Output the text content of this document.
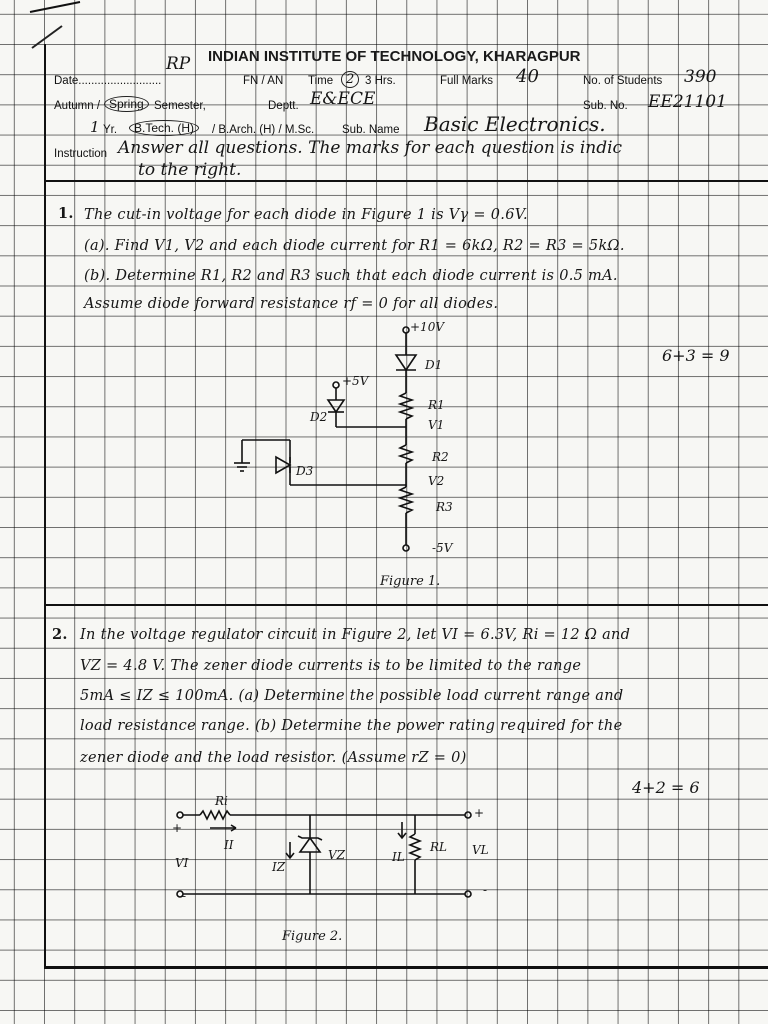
INDIAN INSTITUTE OF TECHNOLOGY, KHARAGPUR
RP
Date..........................	FN / AN Time 2 3 Hrs.	Full Marks 40	No. of Students 390
Autumn / Spring Semester,	Deptt. E&ECE	Sub. No. EE21101
1 Yr.	B.Tech. (H)	/ B.Arch. (H) / M.Sc. Sub. Name Basic Electronics.
Instruction Answer all questions. The marks for each question is indic
to the right.
1. The cut-in voltage for each diode in Figure 1 is Vγ = 0.6V.
(a). Find V1, V2 and each diode current for R1 = 6kΩ, R2 = R3 = 5kΩ.
(b). Determine R1, R2 and R3 such that each diode current is 0.5 mA.
Assume diode forward resistance rf = 0 for all diodes.
6+3 = 9
+10V
D1
+5V
D2
R1
V1
R2
D3
V2
R3
-5V
Figure 1.
2. In the voltage regulator circuit in Figure 2, let VI = 6.3V, Ri = 12 Ω and
VZ = 4.8 V. The zener diode currents is to be limited to the range
5mA ≤ IZ ≤ 100mA. (a) Determine the possible load current range and
load resistance range. (b) Determine the power rating required for the
zener diode and the load resistor. (Assume rZ = 0)
4+2 = 6
Ri
+
II
VI
VZ
IZ
IL
RL VL
+
-	-
Figure 2.
